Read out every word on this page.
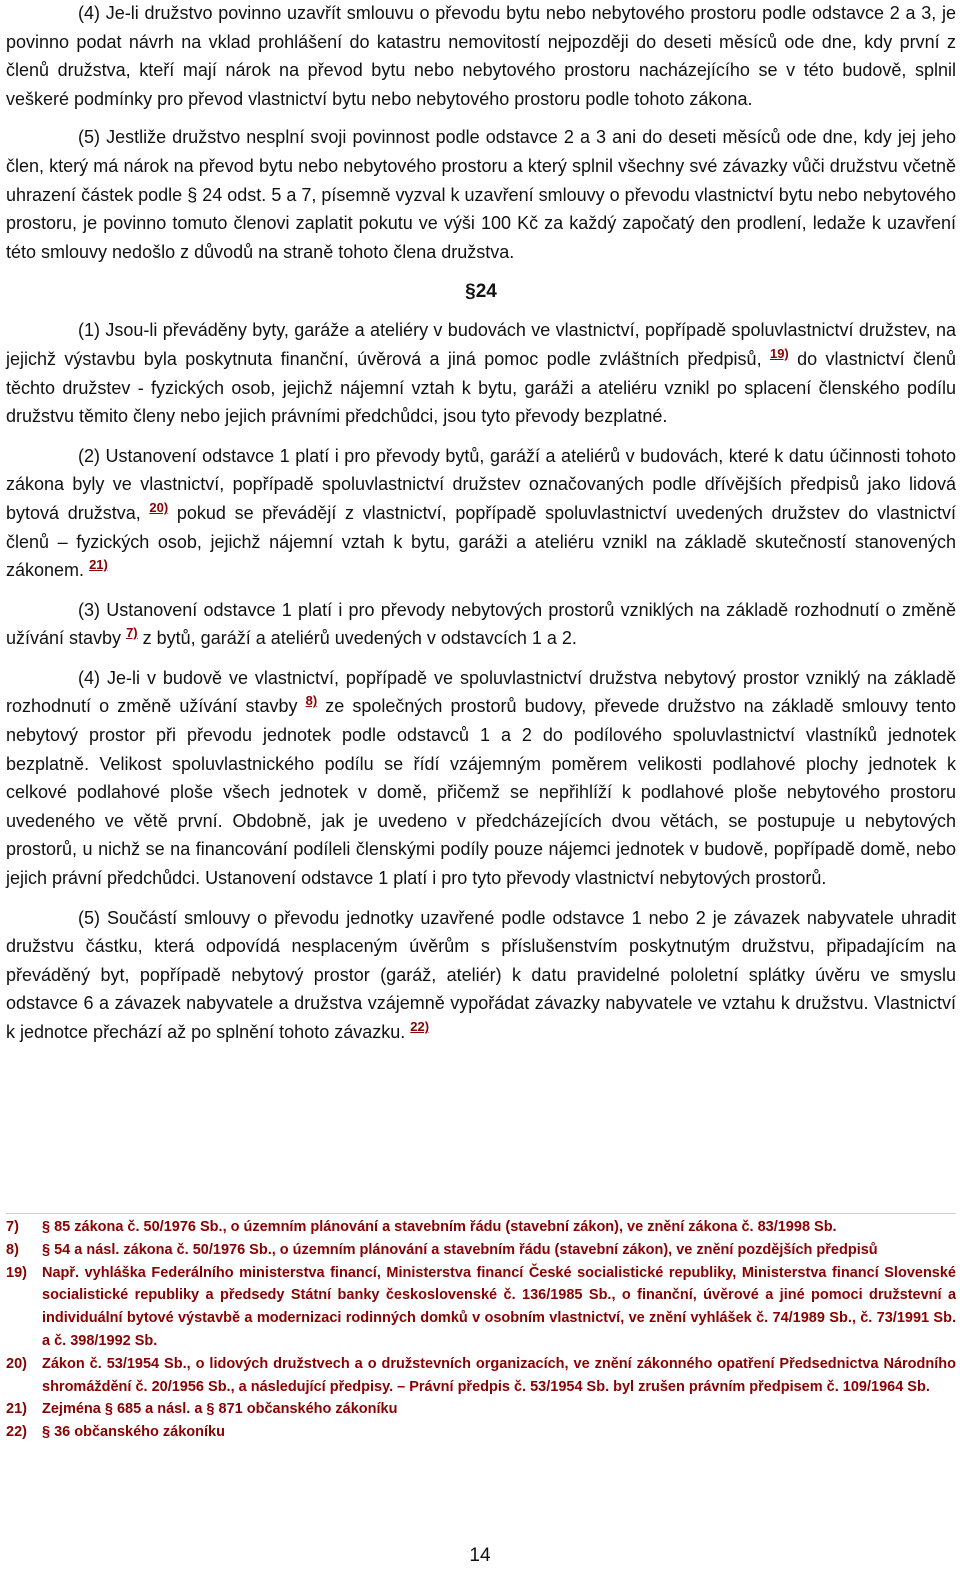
(4) Je-li družstvo povinno uzavřít smlouvu o převodu bytu nebo nebytového prostoru podle odstavce 2 a 3, je povinno podat návrh na vklad prohlášení do katastru nemovitostí nejpozději do deseti měsíců ode dne, kdy první z členů družstva, kteří mají nárok na převod bytu nebo nebytového prostoru nacházejícího se v této budově, splnil veškeré podmínky pro převod vlastnictví bytu nebo nebytového prostoru podle tohoto zákona.

(5) Jestliže družstvo nesplní svoji povinnost podle odstavce 2 a 3 ani do deseti měsíců ode dne, kdy jej jeho člen, který má nárok na převod bytu nebo nebytového prostoru a který splnil všechny své závazky vůči družstvu včetně uhrazení částek podle § 24 odst. 5 a 7, písemně vyzval k uzavření smlouvy o převodu vlastnictví bytu nebo nebytového prostoru, je povinno tomuto členovi zaplatit pokutu ve výši 100 Kč za každý započatý den prodlení, ledaže k uzavření této smlouvy nedošlo z důvodů na straně tohoto člena družstva.

§24

(1) Jsou-li převáděny byty, garáže a ateliéry v budovách ve vlastnictví, popřípadě spoluvlastnictví družstev, na jejichž výstavbu byla poskytnuta finanční, úvěrová a jiná pomoc podle zvláštních předpisů, $^{19)}$ do vlastnictví členů těchto družstev - fyzických osob, jejichž nájemní vztah k bytu, garáži a ateliéru vznikl po splacení členského podílu družstvu těmito členy nebo jejich právními předchůdci, jsou tyto převody bezplatné.

(2) Ustanovení odstavce 1 platí i pro převody bytů, garáží a ateliérů v budovách, které k datu účinnosti tohoto zákona byly ve vlastnictví, popřípadě spoluvlastnictví družstev označovaných podle dřívějších předpisů jako lidová bytová družstva, $^{20)}$ pokud se převádějí z vlastnictví, popřípadě spoluvlastnictví uvedených družstev do vlastnictví členů – fyzických osob, jejichž nájemní vztah k bytu, garáži a ateliéru vznikl na základě skutečností stanovených zákonem. $^{21)}$

(3) Ustanovení odstavce 1 platí i pro převody nebytových prostorů vzniklých na základě rozhodnutí o změně užívání stavby $^{7)}$ z bytů, garáží a ateliérů uvedených v odstavcích 1 a 2.

(4) Je-li v budově ve vlastnictví, popřípadě ve spoluvlastnictví družstva nebytový prostor vzniklý na základě rozhodnutí o změně užívání stavby $^{8)}$ ze společných prostorů budovy, převede družstvo na základě smlouvy tento nebytový prostor při převodu jednotek podle odstavců 1 a 2 do podílového spoluvlastnictví vlastníků jednotek bezplatně. Velikost spoluvlastnického podílu se řídí vzájemným poměrem velikosti podlahové plochy jednotek k celkové podlahové ploše všech jednotek v domě, přičemž se nepřihlíží k podlahové ploše nebytového prostoru uvedeného ve větě první. Obdobně, jak je uvedeno v předcházejících dvou větách, se postupuje u nebytových prostorů, u nichž se na financování podíleli členskými podíly pouze nájemci jednotek v budově, popřípadě domě, nebo jejich právní předchůdci. Ustanovení odstavce 1 platí i pro tyto převody vlastnictví nebytových prostorů.

(5) Součástí smlouvy o převodu jednotky uzavřené podle odstavce 1 nebo 2 je závazek nabyvatele uhradit družstvu částku, která odpovídá nesplaceným úvěrům s příslušenstvím poskytnutým družstvu, připadajícím na převáděný byt, popřípadě nebytový prostor (garáž, ateliér) k datu pravidelné pololetní splátky úvěru ve smyslu odstavce 6 a závazek nabyvatele a družstva vzájemně vypořádat závazky nabyvatele ve vztahu k družstvu. Vlastnictví k jednotce přechází až po splnění tohoto závazku. $^{22)}$

7)	§ 85 zákona č. 50/1976 Sb., o územním plánování a stavebním řádu (stavební zákon), ve znění zákona č. 83/1998 Sb.
8)	§ 54 a násl. zákona č. 50/1976 Sb., o územním plánování a stavebním řádu (stavební zákon), ve znění pozdějších předpisů
19)	Např. vyhláška Federálního ministerstva financí, Ministerstva financí České socialistické republiky, Ministerstva financí Slovenské socialistické republiky a předsedy Státní banky československé č. 136/1985 Sb., o finanční, úvěrové a jiné pomoci družstevní a individuální bytové výstavbě a modernizaci rodinných domků v osobním vlastnictví, ve znění vyhlášek č. 74/1989 Sb., č. 73/1991 Sb. a č. 398/1992 Sb.
20)	Zákon č. 53/1954 Sb., o lidových družstvech a o družstevních organizacích, ve znění zákonného opatření Předsednictva Národního shromáždění č. 20/1956 Sb., a následující předpisy. – Právní předpis č. 53/1954 Sb. byl zrušen právním předpisem č. 109/1964 Sb.
21)	Zejména § 685 a násl. a § 871 občanského zákoníku
22)	§ 36 občanského zákoníku
14
